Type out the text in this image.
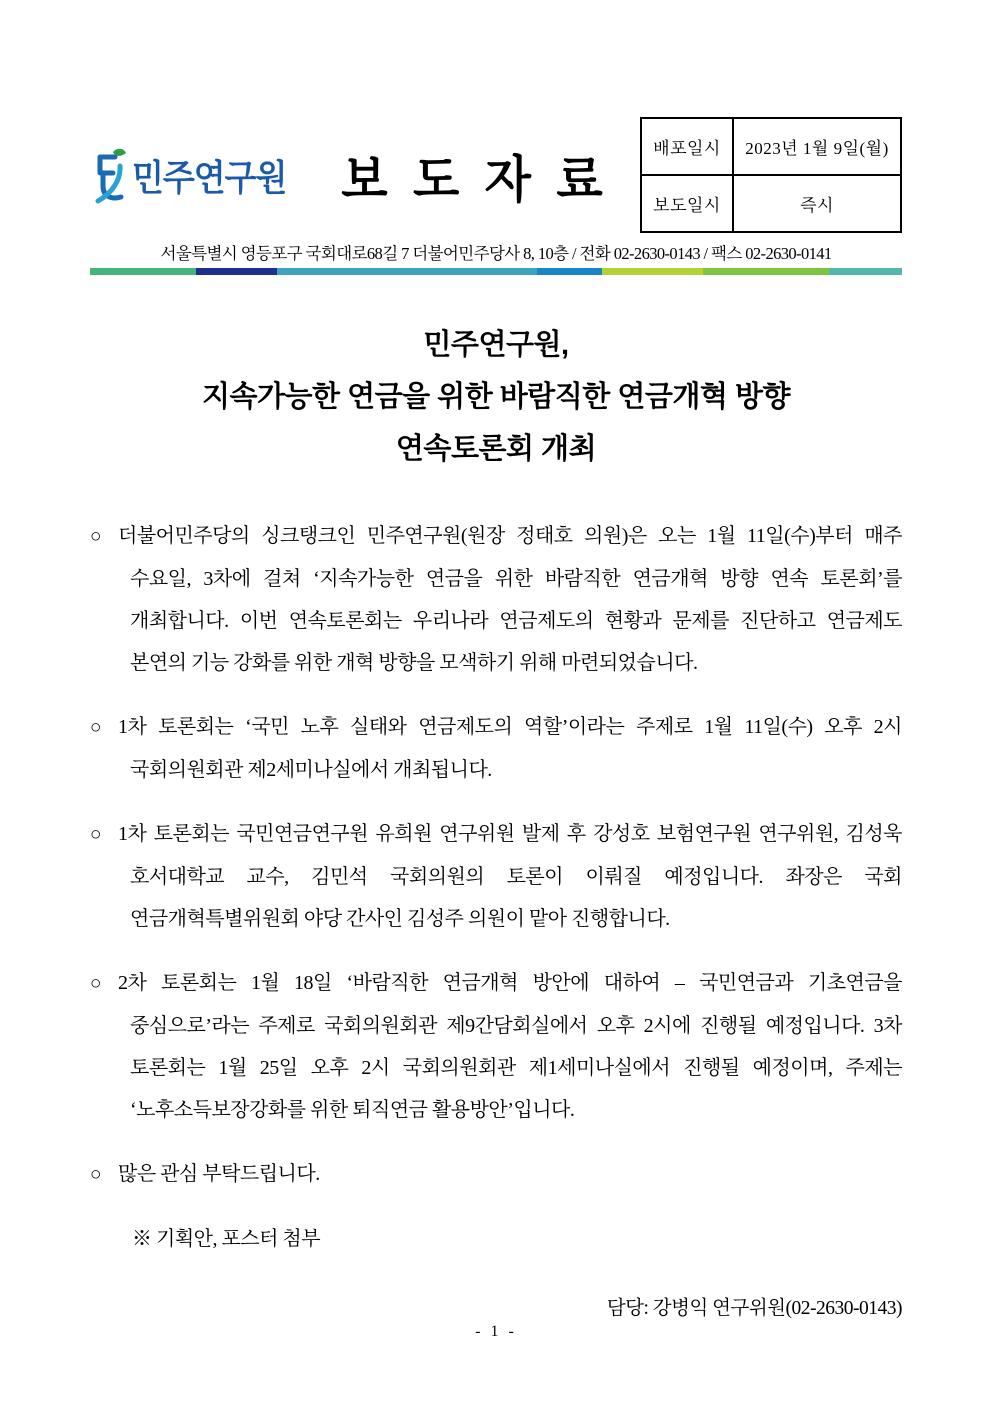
민주연구원	보 도 자 료
배포일시	2023년 1월 9일(월)
보도일시	즉시
서울특별시 영등포구 국회대로68길 7 더불어민주당사 8, 10층 / 전화 02-2630-0143 / 팩스 02-2630-0141
민주연구원,
지속가능한 연금을 위한 바람직한 연금개혁 방향
연속토론회 개최

○ 더불어민주당의 싱크탱크인 민주연구원(원장 정태호 의원)은 오는 1월 11일(수)부터 매주 수요일, 3차에 걸쳐 ‘지속가능한 연금을 위한 바람직한 연금개혁 방향 연속 토론회’를 개최합니다. 이번 연속토론회는 우리나라 연금제도의 현황과 문제를 진단하고 연금제도 본연의 기능 강화를 위한 개혁 방향을 모색하기 위해 마련되었습니다.

○ 1차 토론회는 ‘국민 노후 실태와 연금제도의 역할’이라는 주제로 1월 11일(수) 오후 2시 국회의원회관 제2세미나실에서 개최됩니다.

○ 1차 토론회는 국민연금연구원 유희원 연구위원 발제 후 강성호 보험연구원 연구위원, 김성욱 호서대학교 교수, 김민석 국회의원의 토론이 이뤄질 예정입니다. 좌장은 국회 연금개혁특별위원회 야당 간사인 김성주 의원이 맡아 진행합니다.

○ 2차 토론회는 1월 18일 ‘바람직한 연금개혁 방안에 대하여 – 국민연금과 기초연금을 중심으로’라는 주제로 국회의원회관 제9간담회실에서 오후 2시에 진행될 예정입니다. 3차 토론회는 1월 25일 오후 2시 국회의원회관 제1세미나실에서 진행될 예정이며, 주제는 ‘노후소득보장강화를 위한 퇴직연금 활용방안’입니다.

○ 많은 관심 부탁드립니다.

※ 기획안, 포스터 첨부
담당: 강병익 연구위원(02-2630-0143)
- 1 -
